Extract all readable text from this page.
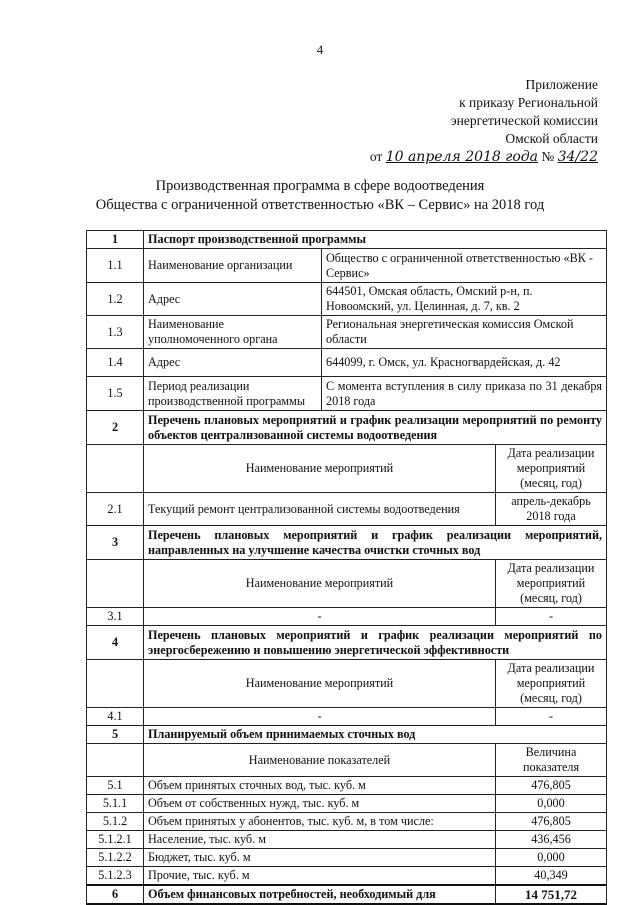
4
Приложение
к приказу Региональной
энергетической комиссии
Омской области
от 10 апреля 2018 года № 34/22
Производственная программа в сфере водоотведения
Общества с ограниченной ответственностью «ВК – Сервис» на 2018 год
1	Паспорт производственной программы		
1.1	Наименование организации	Общество с ограниченной ответственностью «ВК - Сервис»	
1.2	Адрес	644501, Омская область, Омский р-н, п. Новоомский, ул. Целинная, д. 7, кв. 2	
1.3	Наименование уполномоченного органа	Региональная энергетическая комиссия Омской области	
1.4	Адрес	644099, г. Омск, ул. Красногвардейская, д. 42	
1.5	Период реализации производственной программы	С момента вступления в силу приказа по 31 декабря 2018 года	
2	Перечень плановых мероприятий и график реализации мероприятий по ремонту объектов централизованной системы водоотведения		
	Наименование мероприятий		Дата реализации мероприятий (месяц, год)
2.1	Текущий ремонт централизованной системы водоотведения		апрель-декабрь 2018 года
3	Перечень плановых мероприятий и график реализации мероприятий, направленных на улучшение качества очистки сточных вод		
	Наименование мероприятий		Дата реализации мероприятий (месяц, год)
3.1	-		-
4	Перечень плановых мероприятий и график реализации мероприятий по энергосбережению и повышению энергетической эффективности		
	Наименование мероприятий		Дата реализации мероприятий (месяц, год)
4.1	-		-
5	Планируемый объем принимаемых сточных вод		
	Наименование показателей		Величина показателя
5.1	Объем принятых сточных вод, тыс. куб. м		476,805
5.1.1	Объем от собственных нужд, тыс. куб. м		0,000
5.1.2	Объем принятых у абонентов, тыс. куб. м, в том числе:		476,805
5.1.2.1	Население, тыс. куб. м		436,456
5.1.2.2	Бюджет, тыс. куб. м		0,000
5.1.2.3	Прочие, тыс. куб. м		40,349
6	Объем финансовых потребностей, необходимый для		14 751,72
